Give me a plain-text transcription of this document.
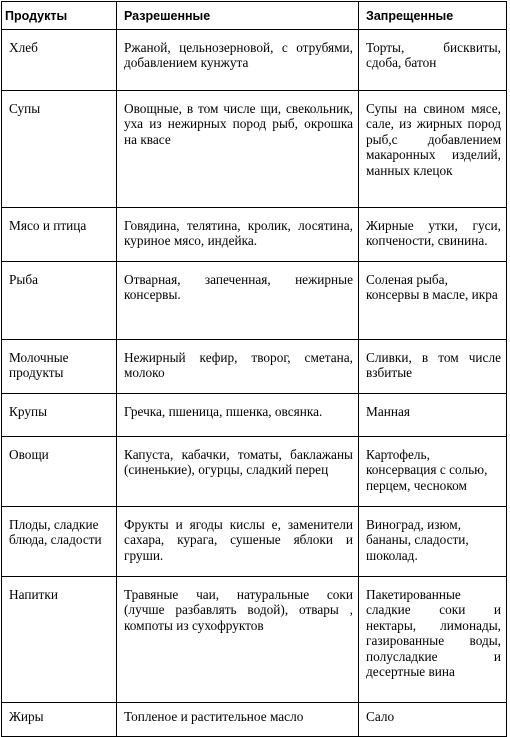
Продукты	Разрешенные	Запрещенные
Хлеб	Ржаной, цельнозерновой, с отрубями, добавлением кунжута	Торты, бисквиты, сдоба, батон
Супы	Овощные, в том числе щи, свекольник, уха из нежирных пород рыб, окрошка на квасе	Супы на свином мясе, сале, из жирных пород рыб,с добавлением макаронных изделий, манных клецок
Мясо и птица	Говядина, телятина, кролик, лосятина, куриное мясо, индейка.	Жирные утки, гуси, копчености, свинина.
Рыба	Отварная, запеченная, нежирные консервы.	Соленая рыба, консервы в масле, икра
Молочные продукты	Нежирный кефир, творог, сметана, молоко	Сливки, в том числе взбитые
Крупы	Гречка, пшеница, пшенка, овсянка.	Манная
Овощи	Капуста, кабачки, томаты, баклажаны (синенькие), огурцы, сладкий перец	Картофель, консервация с солью, перцем, чесноком
Плоды, сладкие блюда, сладости	Фрукты и ягоды кислы е, заменители сахара, курага, сушеные яблоки и груши.	Виноград, изюм, бананы, сладости, шоколад.
Напитки	Травяные чаи, натуральные соки (лучше разбавлять водой), отвары , компоты из сухофруктов	Пакетированные сладкие соки и нектары, лимонады, газированные воды, полусладкие и десертные вина
Жиры	Топленое и растительное масло	Сало
